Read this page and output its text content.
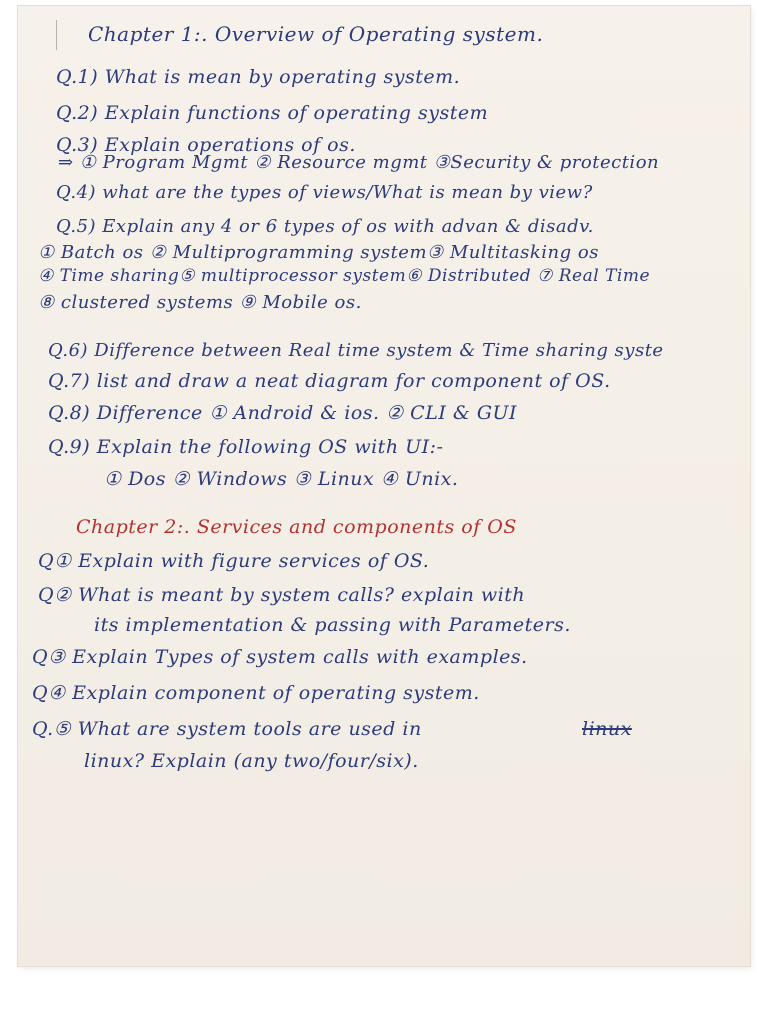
Chapter 1:. Overview of Operating system.
Q.1) What is mean by operating system.
Q.2) Explain functions of operating system
Q.3) Explain operations of os.
⇒ ① Program Mgmt ② Resource mgmt ③Security & protection
Q.4) what are the types of views/What is mean by view?
Q.5) Explain any 4 or 6 types of os with advan & disadv.
① Batch os ② Multiprogramming system③ Multitasking os
④ Time sharing⑤ multiprocessor system⑥ Distributed ⑦ Real Time
⑧ clustered systems ⑨ Mobile os.
Q.6) Difference between Real time system & Time sharing syste
Q.7) list and draw a neat diagram for component of OS.
Q.8) Difference ① Android & ios. ② CLI & GUI
Q.9) Explain the following OS with UI:-
① Dos ② Windows ③ Linux ④ Unix.
Chapter 2:. Services and components of OS
Q① Explain with figure services of OS.
Q② What is meant by system calls? explain with
its implementation & passing with Parameters.
Q③ Explain Types of system calls with examples.
Q④ Explain component of operating system.
Q.⑤ What are system tools are used in	linux
linux? Explain (any two/four/six).
